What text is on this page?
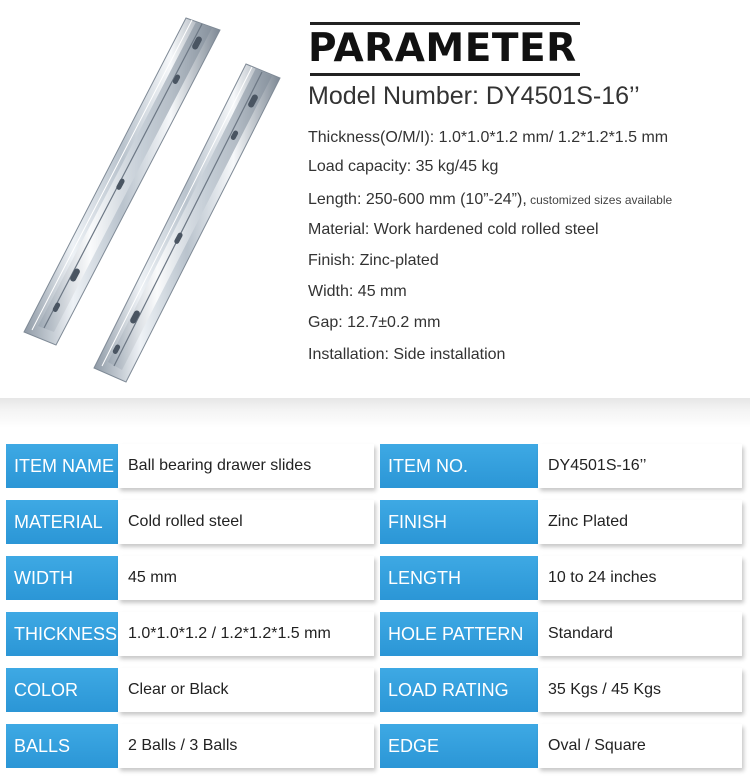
PARAMETER
Model Number: DY4501S-16’’
Thickness(O/M/I): 1.0*1.0*1.2 mm/ 1.2*1.2*1.5 mm
Load capacity: 35 kg/45 kg
Length: 250-600 mm (10”-24”), customized sizes available
Material: Work hardened cold rolled steel
Finish: Zinc-plated
Width: 45 mm
Gap: 12.7±0.2 mm
Installation: Side installation
ITEM NAME Ball bearing drawer slides	ITEM NO.	DY4501S-16’’
MATERIAL	Cold rolled steel	FINISH	Zinc Plated
WIDTH	45 mm	LENGTH	10 to 24 inches
THICKNESS 1.0*1.0*1.2 / 1.2*1.2*1.5 mm	HOLE PATTERN	Standard
COLOR	Clear or Black	LOAD RATING	35 Kgs / 45 Kgs
BALLS	2 Balls / 3 Balls	EDGE	Oval / Square
